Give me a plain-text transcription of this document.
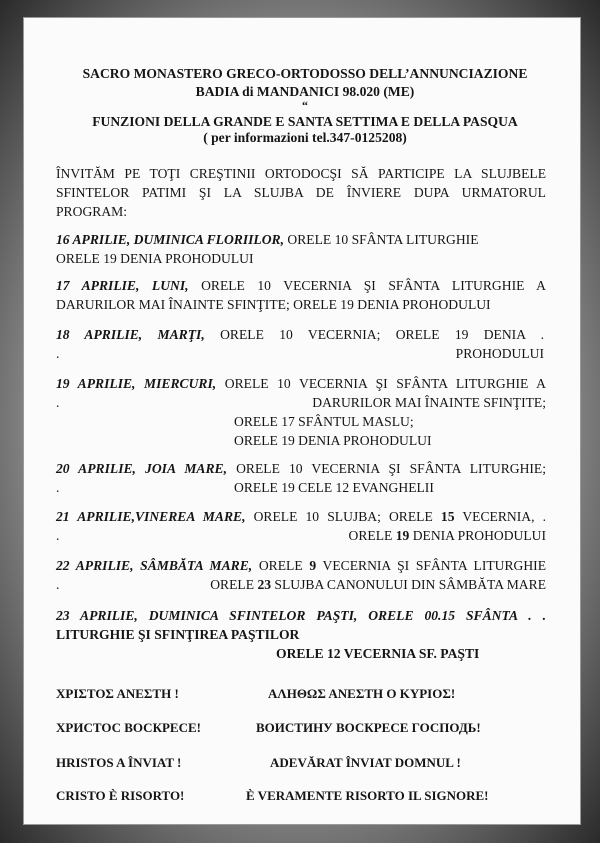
SACRO MONASTERO GRECO-ORTODOSSO DELL’ANNUNCIAZIONE

BADIA di MANDANICI 98.020 (ME)

“

FUNZIONI DELLA GRANDE E SANTA SETTIMA E DELLA PASQUA

( per informazioni tel.347-0125208)

ÎNVITĂM PE TOŢI CREŞTINII ORTODOCŞI SĂ PARTICIPE LA SLUJBELE
SFINTELOR PATIMI ŞI LA SLUJBA DE ÎNVIERE DUPA URMATORUL
PROGRAM:
16 APRILIE, DUMINICA FLORIILOR, ORELE 10 SFÂNTA LITURGHIE
ORELE 19 DENIA PROHODULUI
17 APRILIE, LUNI, ORELE 10 VECERNIA ŞI SFÂNTA LITURGHIE A
DARURILOR MAI ÎNAINTE SFINŢITE; ORELE 19 DENIA PROHODULUI
18 APRILIE, MARŢI, ORELE 10 VECERNIA; ORELE 19 DENIA .
.	PROHODULUI
19 APRILIE, MIERCURI, ORELE 10 VECERNIA ŞI SFÂNTA LITURGHIE A
.	DARURILOR MAI ÎNAINTE SFINŢITE;
ORELE 17 SFÂNTUL MASLU;
ORELE 19 DENIA PROHODULUI
20 APRILIE, JOIA MARE, ORELE 10 VECERNIA ŞI SFÂNTA LITURGHIE;
.	ORELE 19 CELE 12 EVANGHELII
21 APRILIE,VINEREA MARE, ORELE 10 SLUJBA; ORELE 15 VECERNIA, .
.	ORELE 19 DENIA PROHODULUI
22 APRILIE, SÂMBĂTA MARE, ORELE 9 VECERNIA ŞI SFÂNTA LITURGHIE
.	ORELE 23 SLUJBA CANONULUI DIN SÂMBĂTA MARE
23 APRILIE, DUMINICA SFINTELOR PAŞTI, ORELE 00.15 SFÂNTA . .
LITURGHIE ŞI SFINŢIREA PAŞTILOR
ORELE 12 VECERNIA SF. PAŞTI
ΧΡΙΣΤΟΣ ΑΝΕΣΤΗ !	ΑΛΗΘΩΣ ΑΝΕΣΤΗ Ο ΚΥΡΙΟΣ!
ХРИСТОС ВОСКРЕСЕ!	ВОИСТИНУ ВОСКРЕСЕ ГОСПОДЬ!
HRISTOS A ÎNVIAT !	ADEVĂRAT ÎNVIAT DOMNUL !
CRISTO È RISORTO!	È VERAMENTE RISORTO IL SIGNORE!
